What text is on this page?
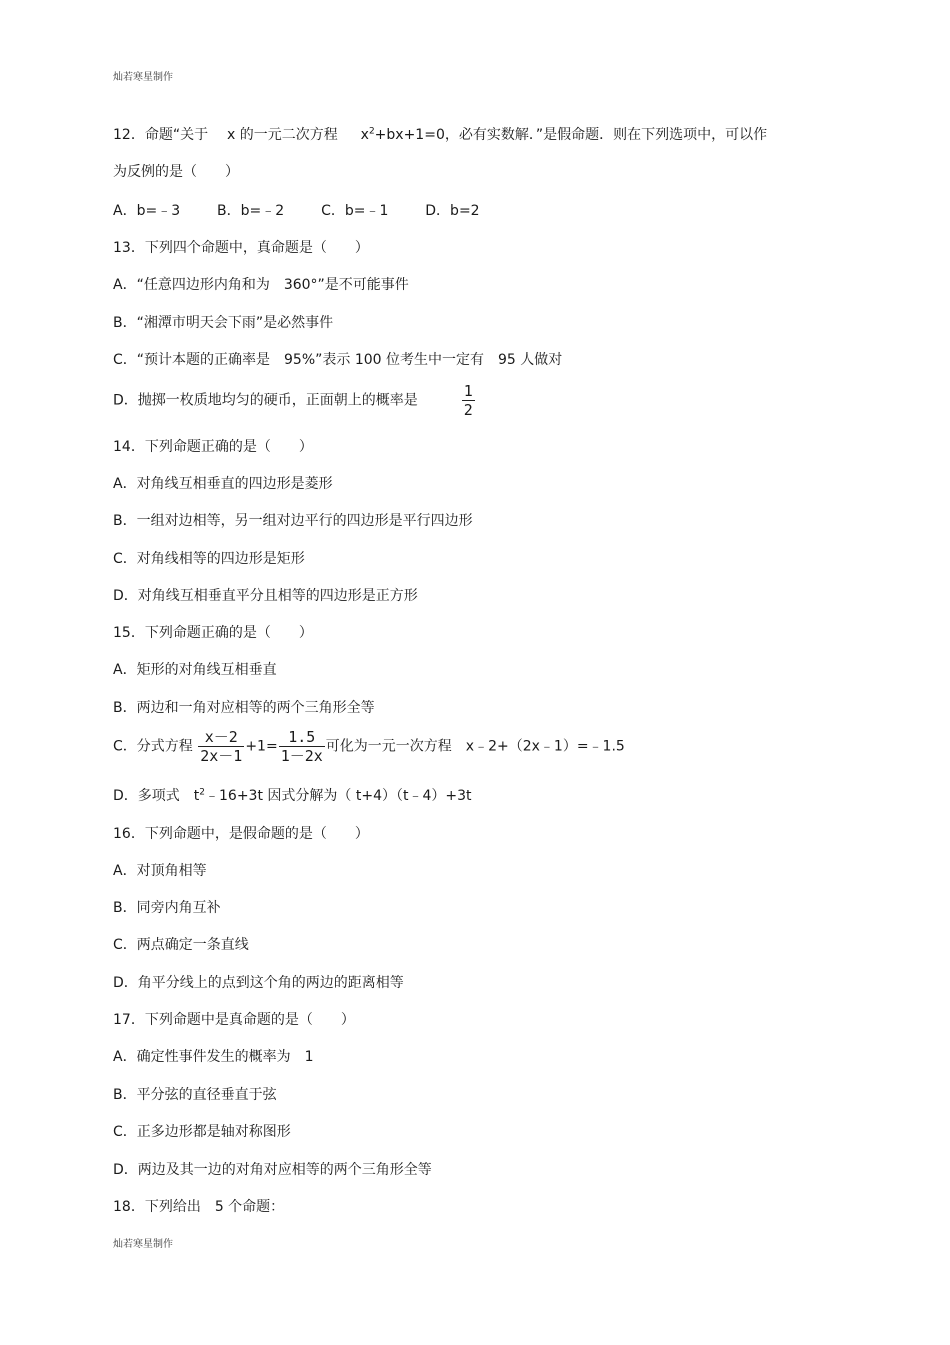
灿若寒星制作
12．命题“关于 x 的一元二次方程 $x^2+bx+1=0$，必有实数解．”是假命题．则在下列选项中，可以作
为反例的是（　　）
A．b=﹣3	B．b=﹣2	C．b=﹣1	D．b=2
13．下列四个命题中，真命题是（　　）
A．“任意四边形内角和为　360°”是不可能事件
B．“湘潭市明天会下雨”是必然事件
C．“预计本题的正确率是　95%”表示 100 位考生中一定有　95 人做对
D．抛掷一枚质地均匀的硬币，正面朝上的概率是	$\frac{1}{2}$
14．下列命题正确的是（　　）
A．对角线互相垂直的四边形是菱形
B．一组对边相等，另一组对边平行的四边形是平行四边形
C．对角线相等的四边形是矩形
D．对角线互相垂直平分且相等的四边形是正方形
15．下列命题正确的是（　　）
A．矩形的对角线互相垂直
B．两边和一角对应相等的两个三角形全等
C．分式方程 $\frac{x-2}{2x-1} +1= \frac{1.5}{1-2x}$ 可化为一元一次方程　x﹣2+（2x﹣1）=﹣1.5
D．多项式　$t^2﹣16+3t$ 因式分解为（ t+4）（t﹣4）+3t
16．下列命题中，是假命题的是（　　）
A．对顶角相等
B．同旁内角互补
C．两点确定一条直线
D．角平分线上的点到这个角的两边的距离相等
17．下列命题中是真命题的是（　　）
A．确定性事件发生的概率为　1
B．平分弦的直径垂直于弦
C．正多边形都是轴对称图形
D．两边及其一边的对角对应相等的两个三角形全等
18．下列给出　5 个命题：
灿若寒星制作
